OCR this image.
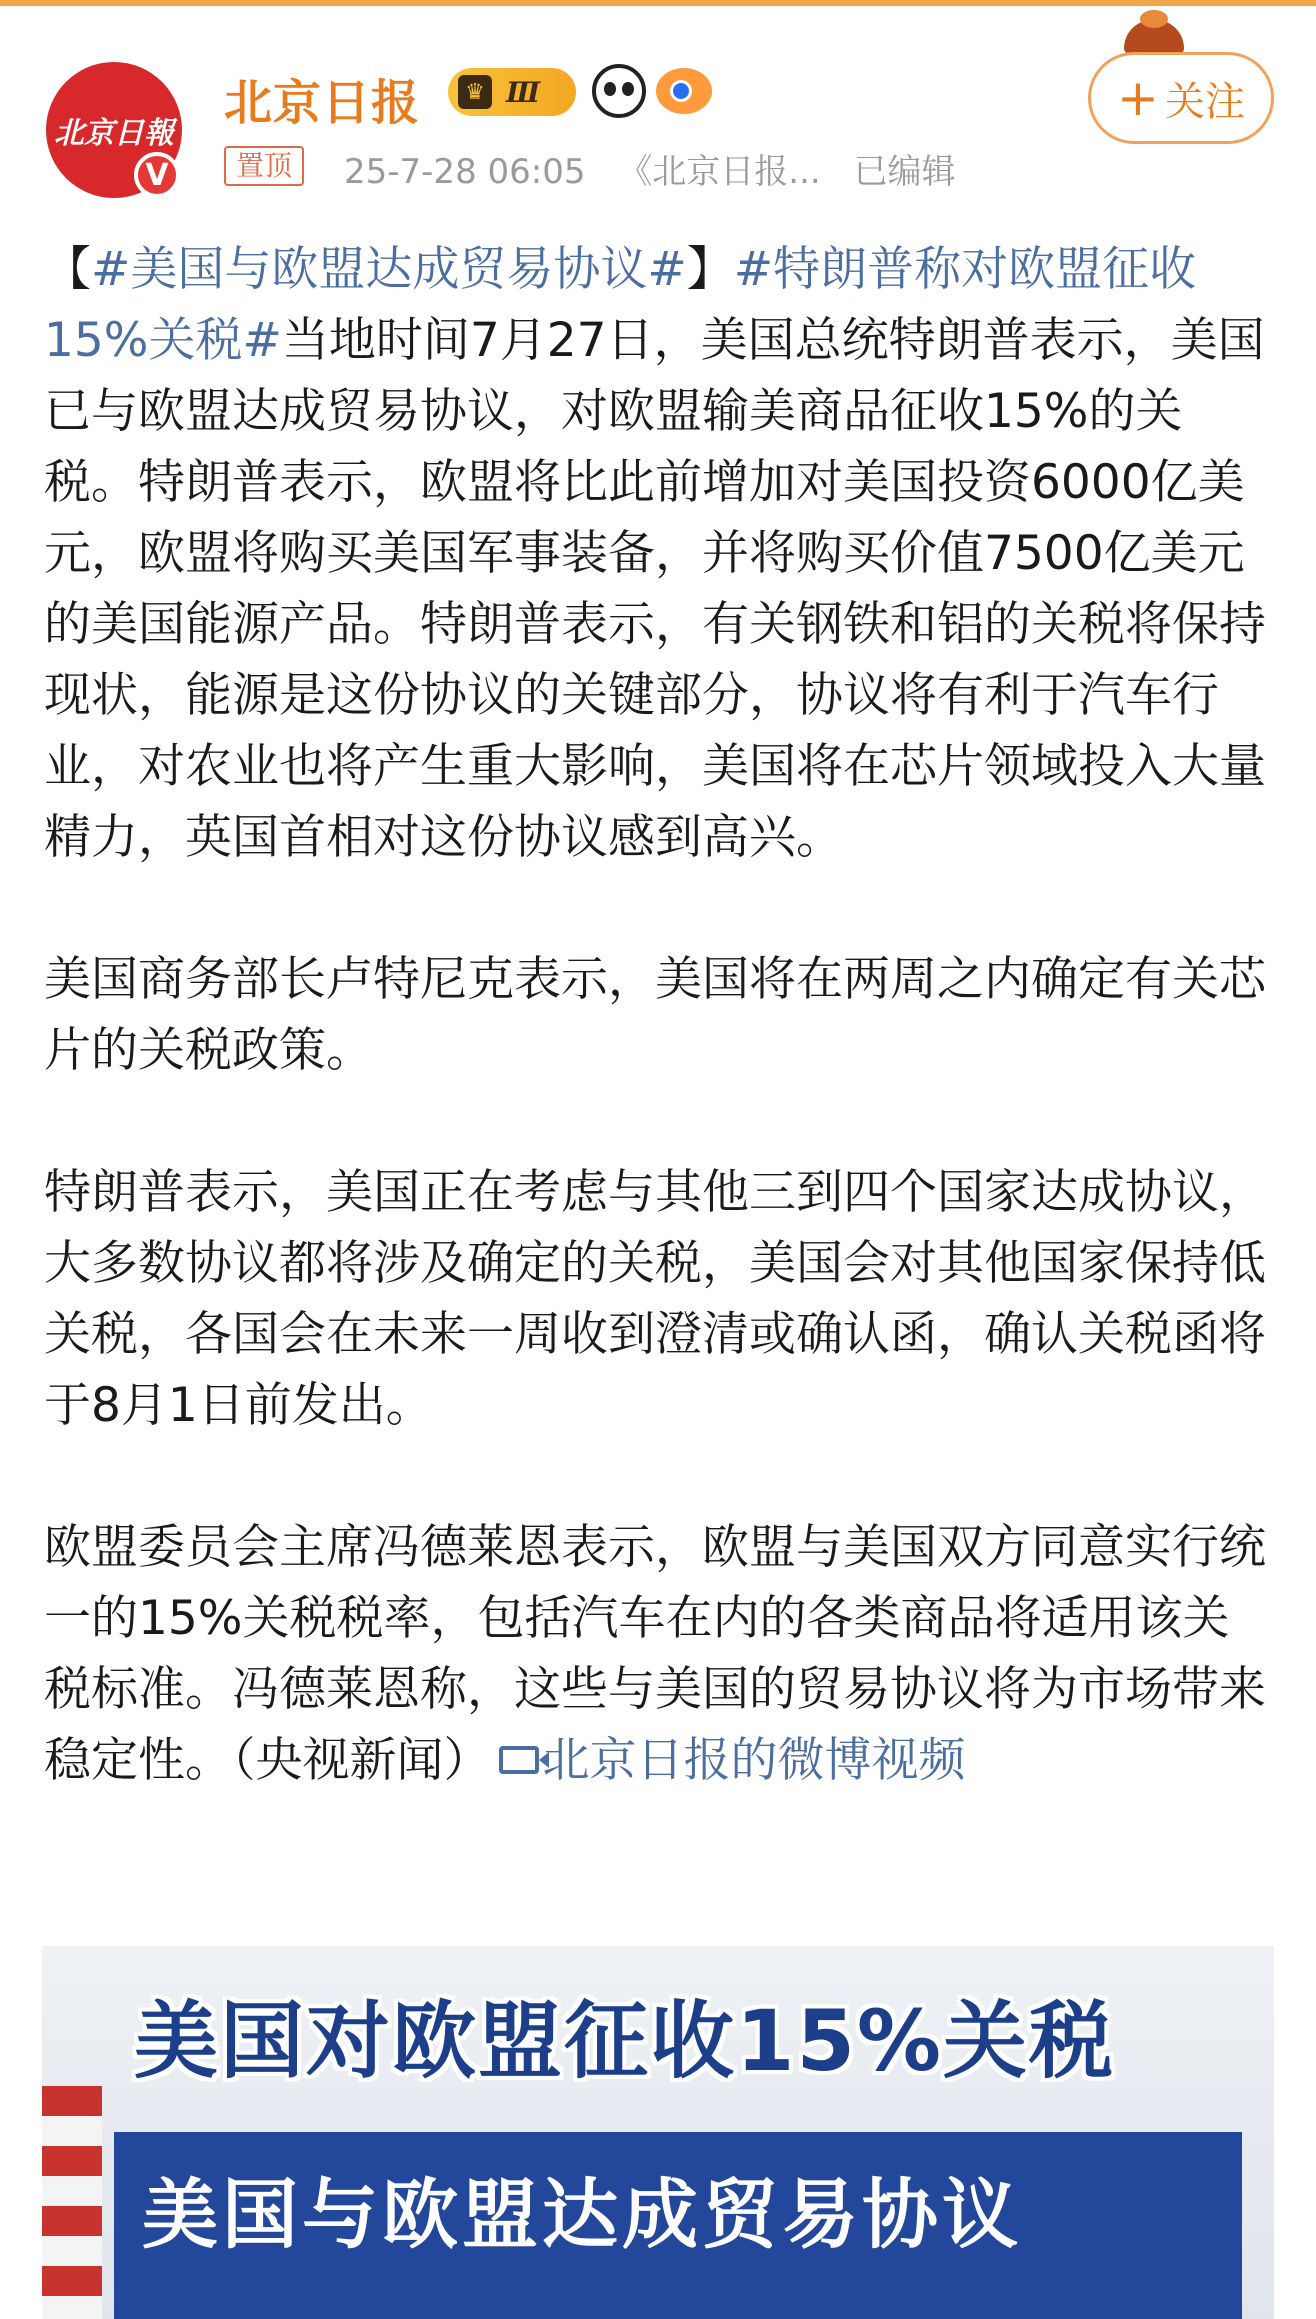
北京日報
V
北京日报	♛ Ⅲ
置顶	25-7-28 06:05 《北京日报... 已编辑
+ 关注

【#美国与欧盟达成贸易协议#】#特朗普称对欧盟征收15%关税#当地时间7月27日，美国总统特朗普表示，美国已与欧盟达成贸易协议，对欧盟输美商品征收15%的关税。特朗普表示，欧盟将比此前增加对美国投资6000亿美元，欧盟将购买美国军事装备，并将购买价值7500亿美元的美国能源产品。特朗普表示，有关钢铁和铝的关税将保持现状，能源是这份协议的关键部分，协议将有利于汽车行业，对农业也将产生重大影响，美国将在芯片领域投入大量精力，英国首相对这份协议感到高兴。

美国商务部长卢特尼克表示，美国将在两周之内确定有关芯片的关税政策。

特朗普表示，美国正在考虑与其他三到四个国家达成协议，大多数协议都将涉及确定的关税，美国会对其他国家保持低关税，各国会在未来一周收到澄清或确认函，确认关税函将于8月1日前发出。

欧盟委员会主席冯德莱恩表示，欧盟与美国双方同意实行统一的15%关税税率，包括汽车在内的各类商品将适用该关税标准。冯德莱恩称，这些与美国的贸易协议将为市场带来稳定性。（央视新闻） 北京日报的微博视频

美国对欧盟征收15%关税
美国与欧盟达成贸易协议
